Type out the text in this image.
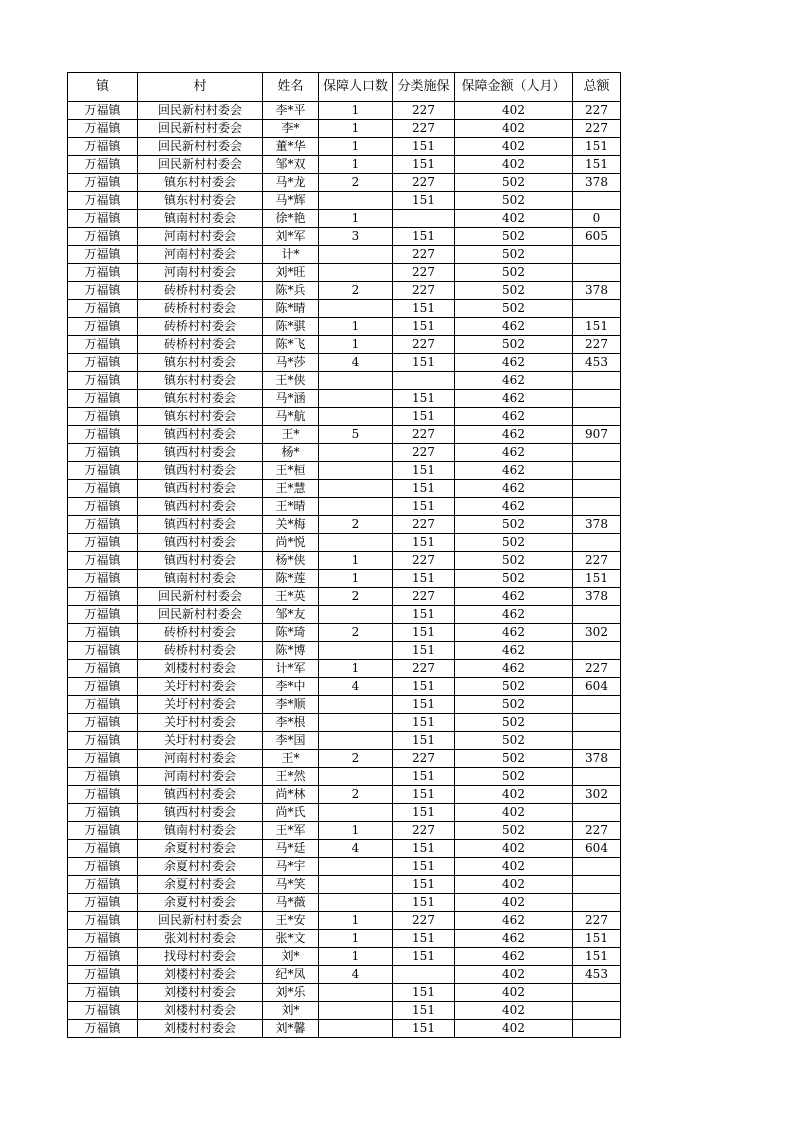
镇	村	姓名	保障人口数	分类施保	保障金额（人月）	总额
万福镇	回民新村村委会	李*平	1	227	402	227
万福镇	回民新村村委会	李*	1	227	402	227
万福镇	回民新村村委会	董*华	1	151	402	151
万福镇	回民新村村委会	邹*双	1	151	402	151
万福镇	镇东村村委会	马*龙	2	227	502	378
万福镇	镇东村村委会	马*辉		151	502	
万福镇	镇南村村委会	徐*艳	1		402	0
万福镇	河南村村委会	刘*军	3	151	502	605
万福镇	河南村村委会	计*		227	502	
万福镇	河南村村委会	刘*旺		227	502	
万福镇	砖桥村村委会	陈*兵	2	227	502	378
万福镇	砖桥村村委会	陈*晴		151	502	
万福镇	砖桥村村委会	陈*骐	1	151	462	151
万福镇	砖桥村村委会	陈*飞	1	227	502	227
万福镇	镇东村村委会	马*莎	4	151	462	453
万福镇	镇东村村委会	王*侠			462	
万福镇	镇东村村委会	马*涵		151	462	
万福镇	镇东村村委会	马*航		151	462	
万福镇	镇西村村委会	王*	5	227	462	907
万福镇	镇西村村委会	杨*		227	462	
万福镇	镇西村村委会	王*桓		151	462	
万福镇	镇西村村委会	王*慧		151	462	
万福镇	镇西村村委会	王*晴		151	462	
万福镇	镇西村村委会	关*梅	2	227	502	378
万福镇	镇西村村委会	尚*悦		151	502	
万福镇	镇西村村委会	杨*侠	1	227	502	227
万福镇	镇南村村委会	陈*莲	1	151	502	151
万福镇	回民新村村委会	王*英	2	227	462	378
万福镇	回民新村村委会	邹*友		151	462	
万福镇	砖桥村村委会	陈*琦	2	151	462	302
万福镇	砖桥村村委会	陈*博		151	462	
万福镇	刘楼村村委会	计*军	1	227	462	227
万福镇	关圩村村委会	李*中	4	151	502	604
万福镇	关圩村村委会	李*顺		151	502	
万福镇	关圩村村委会	李*根		151	502	
万福镇	关圩村村委会	李*国		151	502	
万福镇	河南村村委会	王*	2	227	502	378
万福镇	河南村村委会	王*然		151	502	
万福镇	镇西村村委会	尚*林	2	151	402	302
万福镇	镇西村村委会	尚*氏		151	402	
万福镇	镇南村村委会	王*军	1	227	502	227
万福镇	余夏村村委会	马*廷	4	151	402	604
万福镇	余夏村村委会	马*宇		151	402	
万福镇	余夏村村委会	马*笑		151	402	
万福镇	余夏村村委会	马*薇		151	402	
万福镇	回民新村村委会	王*安	1	227	462	227
万福镇	张刘村村委会	张*文	1	151	462	151
万福镇	找母村村委会	刘*	1	151	462	151
万福镇	刘楼村村委会	纪*凤	4		402	453
万福镇	刘楼村村委会	刘*乐		151	402	
万福镇	刘楼村村委会	刘*		151	402	
万福镇	刘楼村村委会	刘*馨		151	402	
